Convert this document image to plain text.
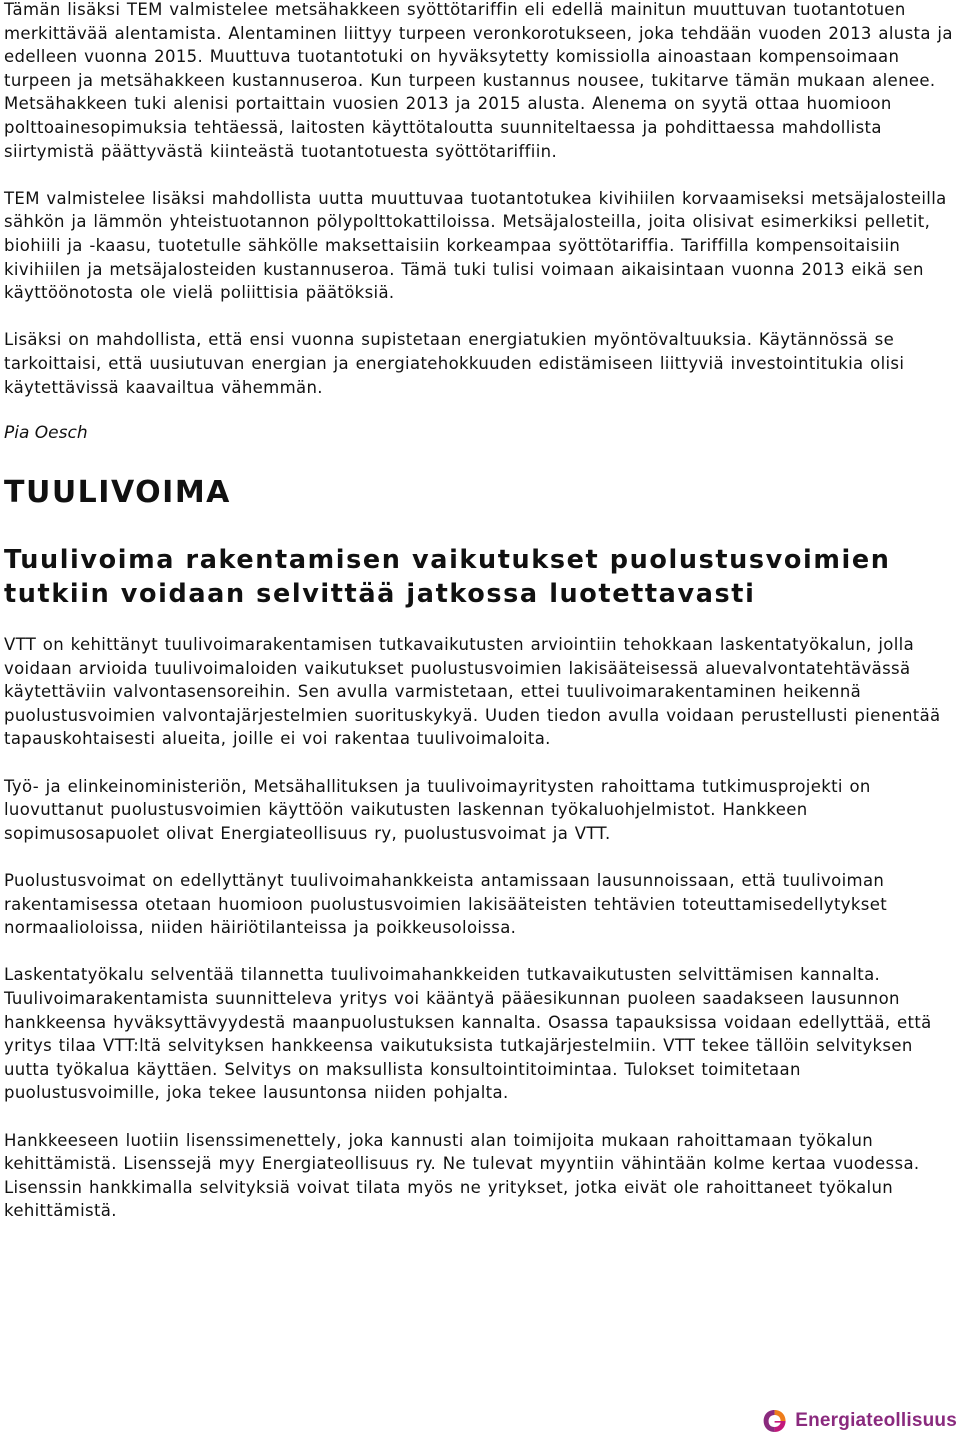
Tämän lisäksi TEM valmistelee metsähakkeen syöttötariffin eli edellä mainitun muuttuvan tuotantotuen merkittävää alentamista. Alentaminen liittyy turpeen veronkorotukseen, joka tehdään vuoden 2013 alusta ja edelleen vuonna 2015. Muuttuva tuotantotuki on hyväksytetty komissiolla ainoastaan kompensoimaan turpeen ja metsähakkeen kustannuseroa. Kun turpeen kustannus nousee, tukitarve tämän mukaan alenee. Metsähakkeen tuki alenisi portaittain vuosien 2013 ja 2015 alusta. Alenema on syytä ottaa huomioon polttoainesopimuksia tehtäessä, laitosten käyttötaloutta suunniteltaessa ja pohdittaessa mahdollista siirtymistä päättyvästä kiinteästä tuotantotuesta syöttötariffiin.

TEM valmistelee lisäksi mahdollista uutta muuttuvaa tuotantotukea kivihiilen korvaamiseksi metsäjalosteilla sähkön ja lämmön yhteistuotannon pölypolttokattiloissa. Metsäjalosteilla, joita olisivat esimerkiksi pelletit, biohiili ja -kaasu, tuotetulle sähkölle maksettaisiin korkeampaa syöttötariffia. Tariffilla kompensoitaisiin kivihiilen ja metsäjalosteiden kustannuseroa. Tämä tuki tulisi voimaan aikaisintaan vuonna 2013 eikä sen käyttöönotosta ole vielä poliittisia päätöksiä.

Lisäksi on mahdollista, että ensi vuonna supistetaan energiatukien myöntövaltuuksia. Käytännössä se tarkoittaisi, että uusiutuvan energian ja energiatehokkuuden edistämiseen liittyviä investointitukia olisi käytettävissä kaavailtua vähemmän.

Pia Oesch
TUULIVOIMA
Tuulivoima rakentamisen vaikutukset puolustusvoimien tutkiin voidaan selvittää jatkossa luotettavasti

VTT on kehittänyt tuulivoimarakentamisen tutkavaikutusten arviointiin tehokkaan laskentatyökalun, jolla voidaan arvioida tuulivoimaloiden vaikutukset puolustusvoimien lakisääteisessä aluevalvontatehtävässä käytettäviin valvontasensoreihin. Sen avulla varmistetaan, ettei tuulivoimarakentaminen heikennä puolustusvoimien valvontajärjestelmien suorituskykyä. Uuden tiedon avulla voidaan perustellusti pienentää tapauskohtaisesti alueita, joille ei voi rakentaa tuulivoimaloita.

Työ- ja elinkeinoministeriön, Metsähallituksen ja tuulivoimayritysten rahoittama tutkimusprojekti on luovuttanut puolustusvoimien käyttöön vaikutusten laskennan työkaluohjelmistot. Hankkeen sopimusosapuolet olivat Energiateollisuus ry, puolustusvoimat ja VTT.

Puolustusvoimat on edellyttänyt tuulivoimahankkeista antamissaan lausunnoissaan, että tuulivoiman rakentamisessa otetaan huomioon puolustusvoimien lakisääteisten tehtävien toteuttamisedellytykset normaalioloissa, niiden häiriötilanteissa ja poikkeusoloissa.

Laskentatyökalu selventää tilannetta tuulivoimahankkeiden tutkavaikutusten selvittämisen kannalta. Tuulivoimarakentamista suunnitteleva yritys voi kääntyä pääesikunnan puoleen saadakseen lausunnon hankkeensa hyväksyttävyydestä maanpuolustuksen kannalta. Osassa tapauksissa voidaan edellyttää, että yritys tilaa VTT:ltä selvityksen hankkeensa vaikutuksista tutkajärjestelmiin. VTT tekee tällöin selvityksen uutta työkalua käyttäen. Selvitys on maksullista konsultointitoimintaa. Tulokset toimitetaan puolustusvoimille, joka tekee lausuntonsa niiden pohjalta.

Hankkeeseen luotiin lisenssimenettely, joka kannusti alan toimijoita mukaan rahoittamaan työkalun kehittämistä. Lisenssejä myy Energiateollisuus ry. Ne tulevat myyntiin vähintään kolme kertaa vuodessa. Lisenssin hankkimalla selvityksiä voivat tilata myös ne yritykset, jotka eivät ole rahoittaneet työkalun kehittämistä.

Energiateollisuus
